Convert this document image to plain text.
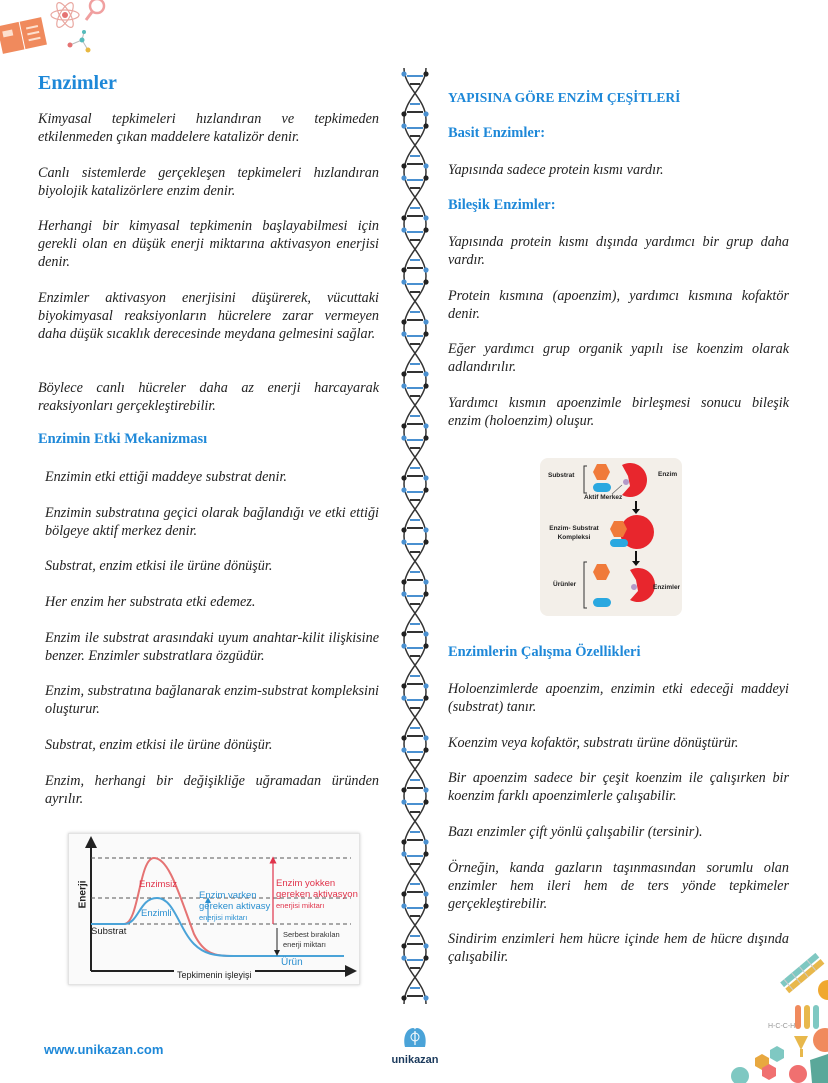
Enzimler

Kimyasal tepkimeleri hızlandıran ve tepkimeden etkilenmeden çıkan maddelere katalizör denir.

Canlı sistemlerde gerçekleşen tepkimeleri hızlandıran biyolojik katalizörlere enzim denir.

Herhangi bir kimyasal tepkimenin başlayabilmesi için gerekli olan en düşük enerji miktarına aktivasyon enerjisi denir.

Enzimler aktivasyon enerjisini düşürerek, vücuttaki biyokimyasal reaksiyonların hücrelere zarar vermeyen daha düşük sıcaklık derecesinde meydana gelmesini sağlar.

Böylece canlı hücreler daha az enerji harcayarak reaksiyonları gerçekleştirebilir.

Enzimin Etki Mekanizması

Enzimin etki ettiği maddeye substrat denir.

Enzimin substratına geçici olarak bağlandığı ve etki ettiği bölgeye aktif merkez denir.

Substrat, enzim etkisi ile ürüne dönüşür.

Her enzim her substrata etki edemez.

Enzim ile substrat arasındaki uyum anahtar-kilit ilişkisine benzer. Enzimler substratlara özgüdür.

Enzim, substratına bağlanarak enzim-substrat kompleksini oluşturur.

Substrat, enzim etkisi ile ürüne dönüşür.

Enzim, herhangi bir değişikliğe uğramadan üründen ayrılır.

Enerji	Enzimsiz
Enzimli
Substrat
Enzim varken
gereken aktivasy
enerjisi miktarı
Enzim yokken
gereken aktivasyon
enerjisi miktarı
Serbest bırakılan
enerji miktarı
Ürün
Tepkimenin işleyişi
YAPISINA GÖRE ENZİM ÇEŞİTLERİ
Basit Enzimler:

Yapısında sadece protein kısmı vardır.

Bileşik Enzimler:

Yapısında protein kısmı dışında yardımcı bir grup daha vardır.

Protein kısmına (apoenzim), yardımcı kısmına kofaktör denir.

Eğer yardımcı grup organik yapılı ise koenzim olarak adlandırılır.

Yardımcı kısmın apoenzimle birleşmesi sonucu bileşik enzim (holoenzim) oluşur.

Substrat	Enzim
Aktif Merkez
Enzim- Substrat Kompleksi
Ürünler	Enzimler
Enzimlerin Çalışma Özellikleri

Holoenzimlerde apoenzim, enzimin etki edeceği maddeyi (substrat) tanır.

Koenzim veya kofaktör, substratı ürüne dönüştürür.

Bir apoenzim sadece bir çeşit koenzim ile çalışırken bir koenzim farklı apoenzimlerle çalışabilir.

Bazı enzimler çift yönlü çalışabilir (tersinir).

Örneğin, kanda gazların taşınmasından sorumlu olan enzimler hem ileri hem de ters yönde tepkimeler gerçekleştirebilir.

Sindirim enzimleri hem hücre içinde hem de hücre dışında çalışabilir.

H-C-C-H
www.unikazan.com
unikazan
